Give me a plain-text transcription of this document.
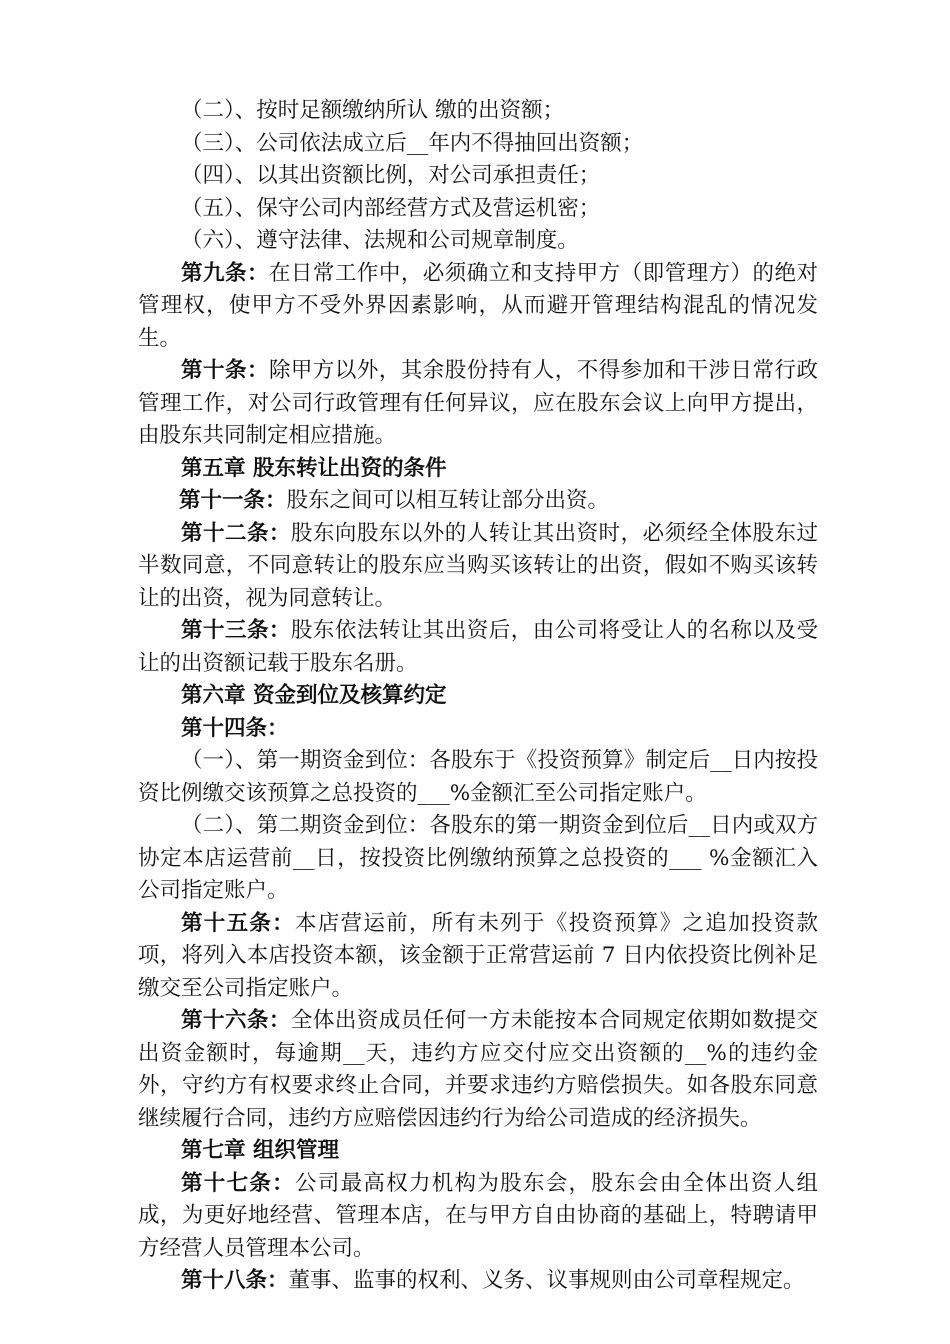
（二）、按时足额缴纳所认 缴的出资额；
（三）、公司依法成立后__年内不得抽回出资额；
（四）、以其出资额比例，对公司承担责任；
（五）、保守公司内部经营方式及营运机密；
（六）、遵守法律、法规和公司规章制度。
第九条：在日常工作中，必须确立和支持甲方（即管理方）的绝对管理权，使甲方不受外界因素影响，从而避开管理结构混乱的情况发生。
第十条：除甲方以外，其余股份持有人，不得参加和干涉日常行政管理工作，对公司行政管理有任何异议，应在股东会议上向甲方提出，由股东共同制定相应措施。
第五章 股东转让出资的条件
第十一条：股东之间可以相互转让部分出资。
第十二条：股东向股东以外的人转让其出资时，必须经全体股东过半数同意，不同意转让的股东应当购买该转让的出资，假如不购买该转让的出资，视为同意转让。
第十三条：股东依法转让其出资后，由公司将受让人的名称以及受让的出资额记载于股东名册。
第六章 资金到位及核算约定
第十四条：
（一）、第一期资金到位：各股东于《投资预算》制定后__日内按投资比例缴交该预算之总投资的___%金额汇至公司指定账户。
（二）、第二期资金到位：各股东的第一期资金到位后__日内或双方协定本店运营前__日，按投资比例缴纳预算之总投资的___ %金额汇入公司指定账户。
第十五条：本店营运前，所有未列于《投资预算》之追加投资款项，将列入本店投资本额，该金额于正常营运前 7 日内依投资比例补足缴交至公司指定账户。
第十六条：全体出资成员任何一方未能按本合同规定依期如数提交出资金额时，每逾期__天，违约方应交付应交出资额的__%的违约金外，守约方有权要求终止合同，并要求违约方赔偿损失。如各股东同意继续履行合同，违约方应赔偿因违约行为给公司造成的经济损失。
第七章 组织管理
第十七条：公司最高权力机构为股东会，股东会由全体出资人组成，为更好地经营、管理本店，在与甲方自由协商的基础上，特聘请甲方经营人员管理本公司。
第十八条：董事、监事的权利、义务、议事规则由公司章程规定。
